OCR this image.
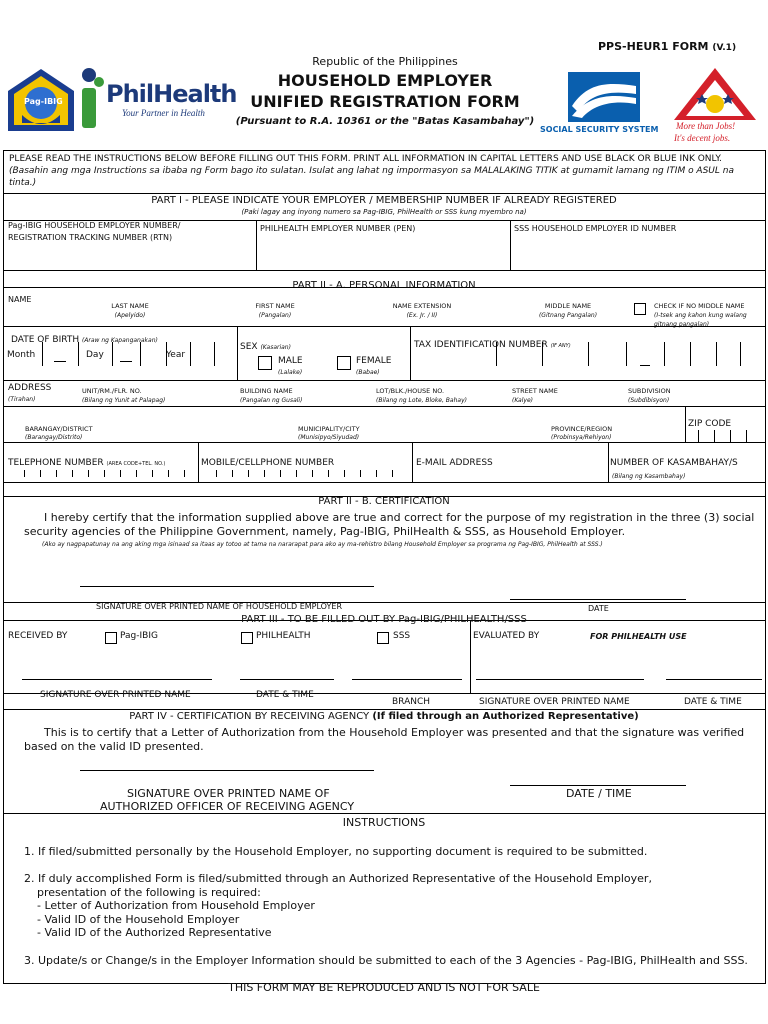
PPS-HEUR1 FORM (V.1)
Republic of the Philippines
HOUSEHOLD EMPLOYER
UNIFIED REGISTRATION FORM
(Pursuant to R.A. 10361 or the "Batas Kasambahay")
Pag-IBIG PhilHealth
Your Partner in Health
SOCIAL SECURITY SYSTEM More than Jobs!
It's decent jobs.
PLEASE READ THE INSTRUCTIONS BELOW BEFORE FILLING OUT THIS FORM. PRINT ALL INFORMATION IN CAPITAL LETTERS AND USE BLACK OR BLUE INK ONLY. (Basahin ang mga Instructions sa ibaba ng Form bago ito sulatan. Isulat ang lahat ng impormasyon sa MALALAKING TITIK at gumamit lamang ng ITIM o ASUL na tinta.)
PART I - PLEASE INDICATE YOUR EMPLOYER / MEMBERSHIP NUMBER IF ALREADY REGISTERED
(Paki lagay ang inyong numero sa Pag-IBIG, PhilHealth or SSS kung myembro na)
Pag-IBIG HOUSEHOLD EMPLOYER NUMBER/ REGISTRATION TRACKING NUMBER (RTN)
PHILHEALTH EMPLOYER NUMBER (PEN)	SSS HOUSEHOLD EMPLOYER ID NUMBER
PART II - A. PERSONAL INFORMATION
NAME
LAST NAME
(Apelyido)
FIRST NAME
(Pangalan)
NAME EXTENSION
(Ex. Jr. / II)
MIDDLE NAME
(Gitnang Pangalan)
CHECK IF NO MIDDLE NAME
(I-tsek ang kahon kung walang gitnang pangalan)
DATE OF BIRTH (Araw ng Kapanganakan)
Month	Day	Year
SEX (Kasarian)
MALE
(Lalake)
FEMALE
(Babae)
TAX IDENTIFICATION NUMBER (IF ANY)
ADDRESS
(Tirahan)
UNIT/RM./FLR. NO.
(Bilang ng Yunit at Palapag)
BUILDING NAME
(Pangalan ng Gusali)
LOT/BLK./HOUSE NO.
(Bilang ng Lote, Bloke, Bahay)
STREET NAME
(Kalye)
SUBDIVISION
(Subdibisyon)
BARANGAY/DISTRICT
(Barangay/Distrito)
MUNICIPALITY/CITY
(Munisipyo/Siyudad)
PROVINCE/REGION
(Probinsya/Rehiyon)
ZIP CODE
TELEPHONE NUMBER (AREA CODE+TEL. NO.)	MOBILE/CELLPHONE NUMBER	E-MAIL ADDRESS	NUMBER OF KASAMBAHAY/S
(Bilang ng Kasambahay)
PART II - B. CERTIFICATION
I hereby certify that the information supplied above are true and correct for the purpose of my registration in the three (3) social security agencies of the Philippine Government, namely, Pag-IBIG, PhilHealth & SSS, as Household Employer.
(Ako ay nagpapatunay na ang aking mga isinaad sa itaas ay totoo at tama na nararapat para ako ay ma-rehistro bilang Household Employer sa programa ng Pag-IBIG, PhilHealth at SSS.)
SIGNATURE OVER PRINTED NAME OF HOUSEHOLD EMPLOYER	DATE
PART III - TO BE FILLED OUT BY Pag-IBIG/PHILHEALTH/SSS
RECEIVED BY	Pag-IBIG	PHILHEALTH	SSS	EVALUATED BY	FOR PHILHEALTH USE
SIGNATURE OVER PRINTED NAME	DATE & TIME
BRANCH	SIGNATURE OVER PRINTED NAME	DATE & TIME
PART IV - CERTIFICATION BY RECEIVING AGENCY (If filed through an Authorized Representative)
This is to certify that a Letter of Authorization from the Household Employer was presented and that the signature was verified based on the valid ID presented.
SIGNATURE OVER PRINTED NAME OF
AUTHORIZED OFFICER OF RECEIVING AGENCY
DATE / TIME
INSTRUCTIONS
1. If filed/submitted personally by the Household Employer, no supporting document is required to be submitted.
2. If duly accomplished Form is filed/submitted through an Authorized Representative of the Household Employer,
presentation of the following is required:
- Letter of Authorization from Household Employer
- Valid ID of the Household Employer
- Valid ID of the Authorized Representative
3. Update/s or Change/s in the Employer Information should be submitted to each of the 3 Agencies - Pag-IBIG, PhilHealth and SSS.
THIS FORM MAY BE REPRODUCED AND IS NOT FOR SALE
